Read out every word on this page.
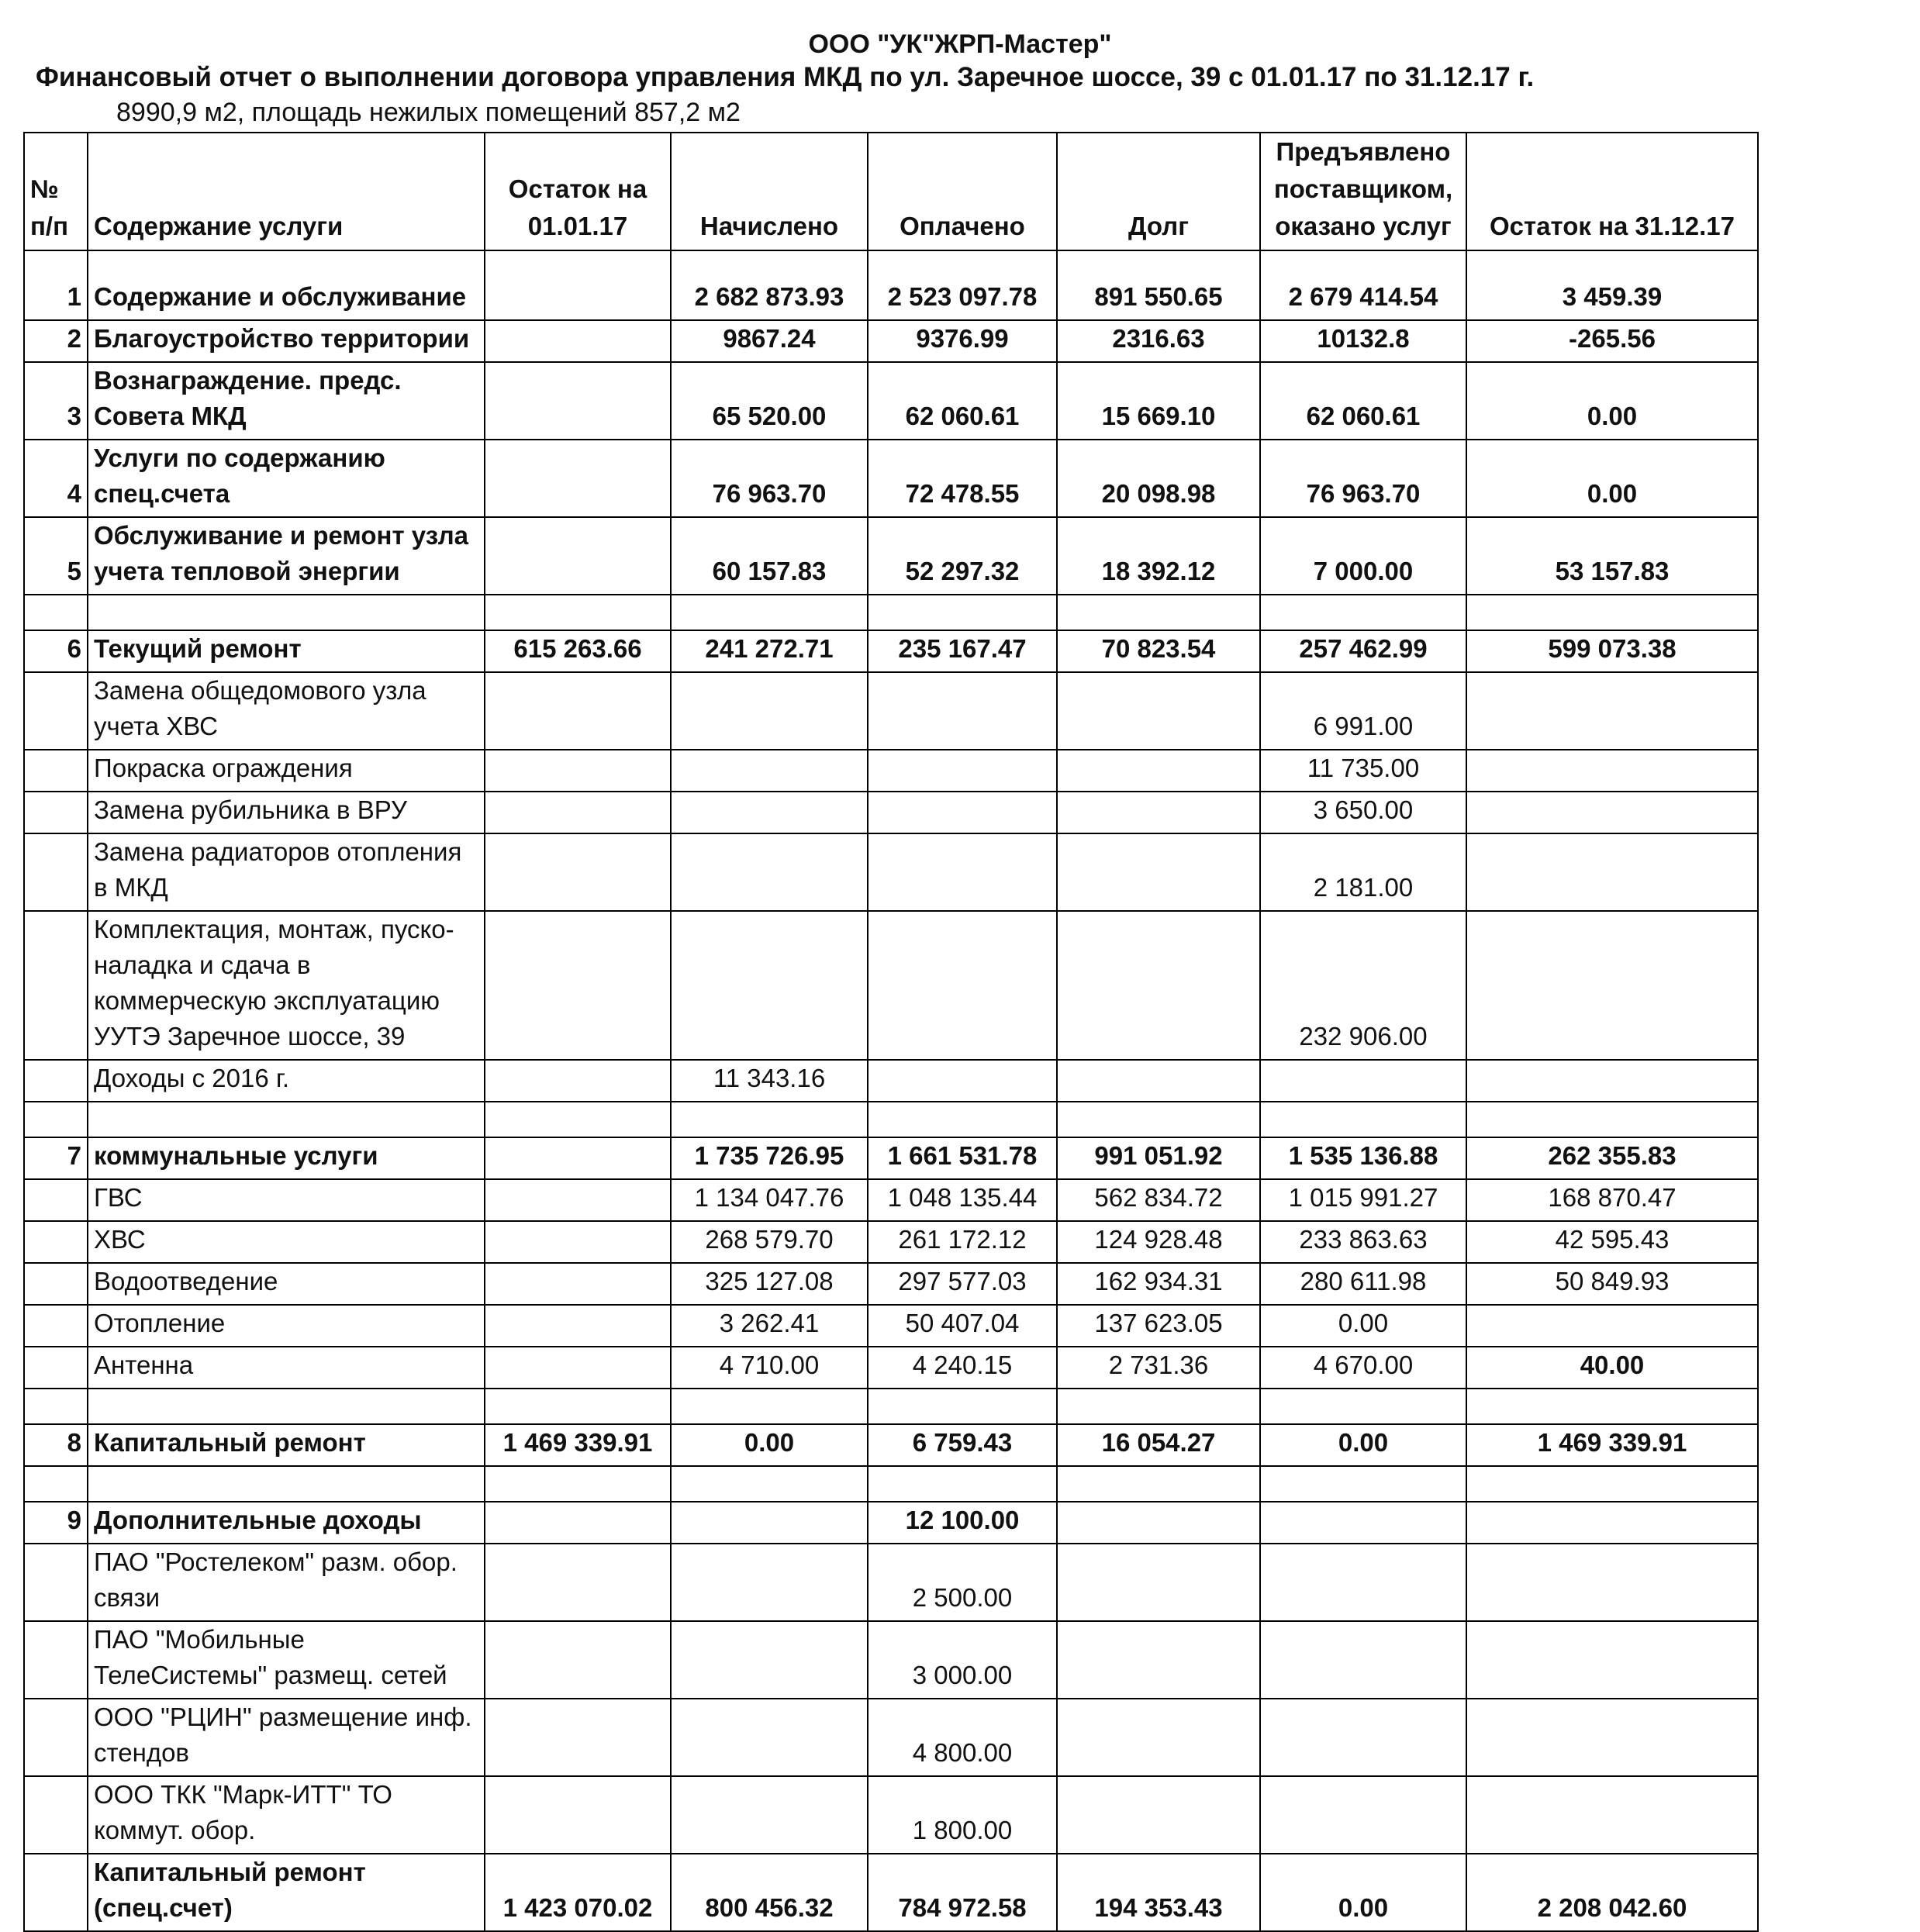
ООО "УК"ЖРП-Мастер"
Финансовый отчет о выполнении договора управления МКД по ул. Заречное шоссе, 39 с 01.01.17 по 31.12.17 г.
8990,9 м2, площадь нежилых помещений 857,2 м2
№ п/п	Содержание услуги	Остаток на 01.01.17	Начислено	Оплачено	Долг	Предъявлено поставщиком, оказано услуг	Остаток на 31.12.17
1	Содержание и обслуживание		2 682 873.93	2 523 097.78	891 550.65	2 679 414.54	3 459.39
2	Благоустройство территории		9867.24	9376.99	2316.63	10132.8	-265.56
3	Вознаграждение. предс. Совета МКД		65 520.00	62 060.61	15 669.10	62 060.61	0.00
4	Услуги по содержанию спец.счета		76 963.70	72 478.55	20 098.98	76 963.70	0.00
5	Обслуживание и ремонт узла учета тепловой энергии		60 157.83	52 297.32	18 392.12	7 000.00	53 157.83

6	Текущий ремонт	615 263.66	241 272.71	235 167.47	70 823.54	257 462.99	599 073.38
	Замена общедомового узла учета ХВС					6 991.00	
	Покраска ограждения					11 735.00	
	Замена рубильника в ВРУ					3 650.00	
	Замена радиаторов отопления в МКД					2 181.00	
	Комплектация, монтаж, пуско-наладка и сдача в коммерческую эксплуатацию УУТЭ Заречное шоссе, 39					232 906.00	
	Доходы с 2016 г.		11 343.16				

7	коммунальные услуги		1 735 726.95	1 661 531.78	991 051.92	1 535 136.88	262 355.83
	ГВС		1 134 047.76	1 048 135.44	562 834.72	1 015 991.27	168 870.47
	ХВС		268 579.70	261 172.12	124 928.48	233 863.63	42 595.43
	Водоотведение		325 127.08	297 577.03	162 934.31	280 611.98	50 849.93
	Отопление		3 262.41	50 407.04	137 623.05	0.00	
	Антенна		4 710.00	4 240.15	2 731.36	4 670.00	40.00

8	Капитальный ремонт	1 469 339.91	0.00	6 759.43	16 054.27	0.00	1 469 339.91

9	Дополнительные доходы			12 100.00			
	ПАО "Ростелеком" разм. обор. связи			2 500.00			
	ПАО "Мобильные ТелеСистемы" размещ. сетей			3 000.00			
	ООО "РЦИН" размещение инф. стендов			4 800.00			
	ООО ТКК "Марк-ИТТ" ТО коммут. обор.			1 800.00			
	Капитальный ремонт (спец.счет)	1 423 070.02	800 456.32	784 972.58	194 353.43	0.00	2 208 042.60
